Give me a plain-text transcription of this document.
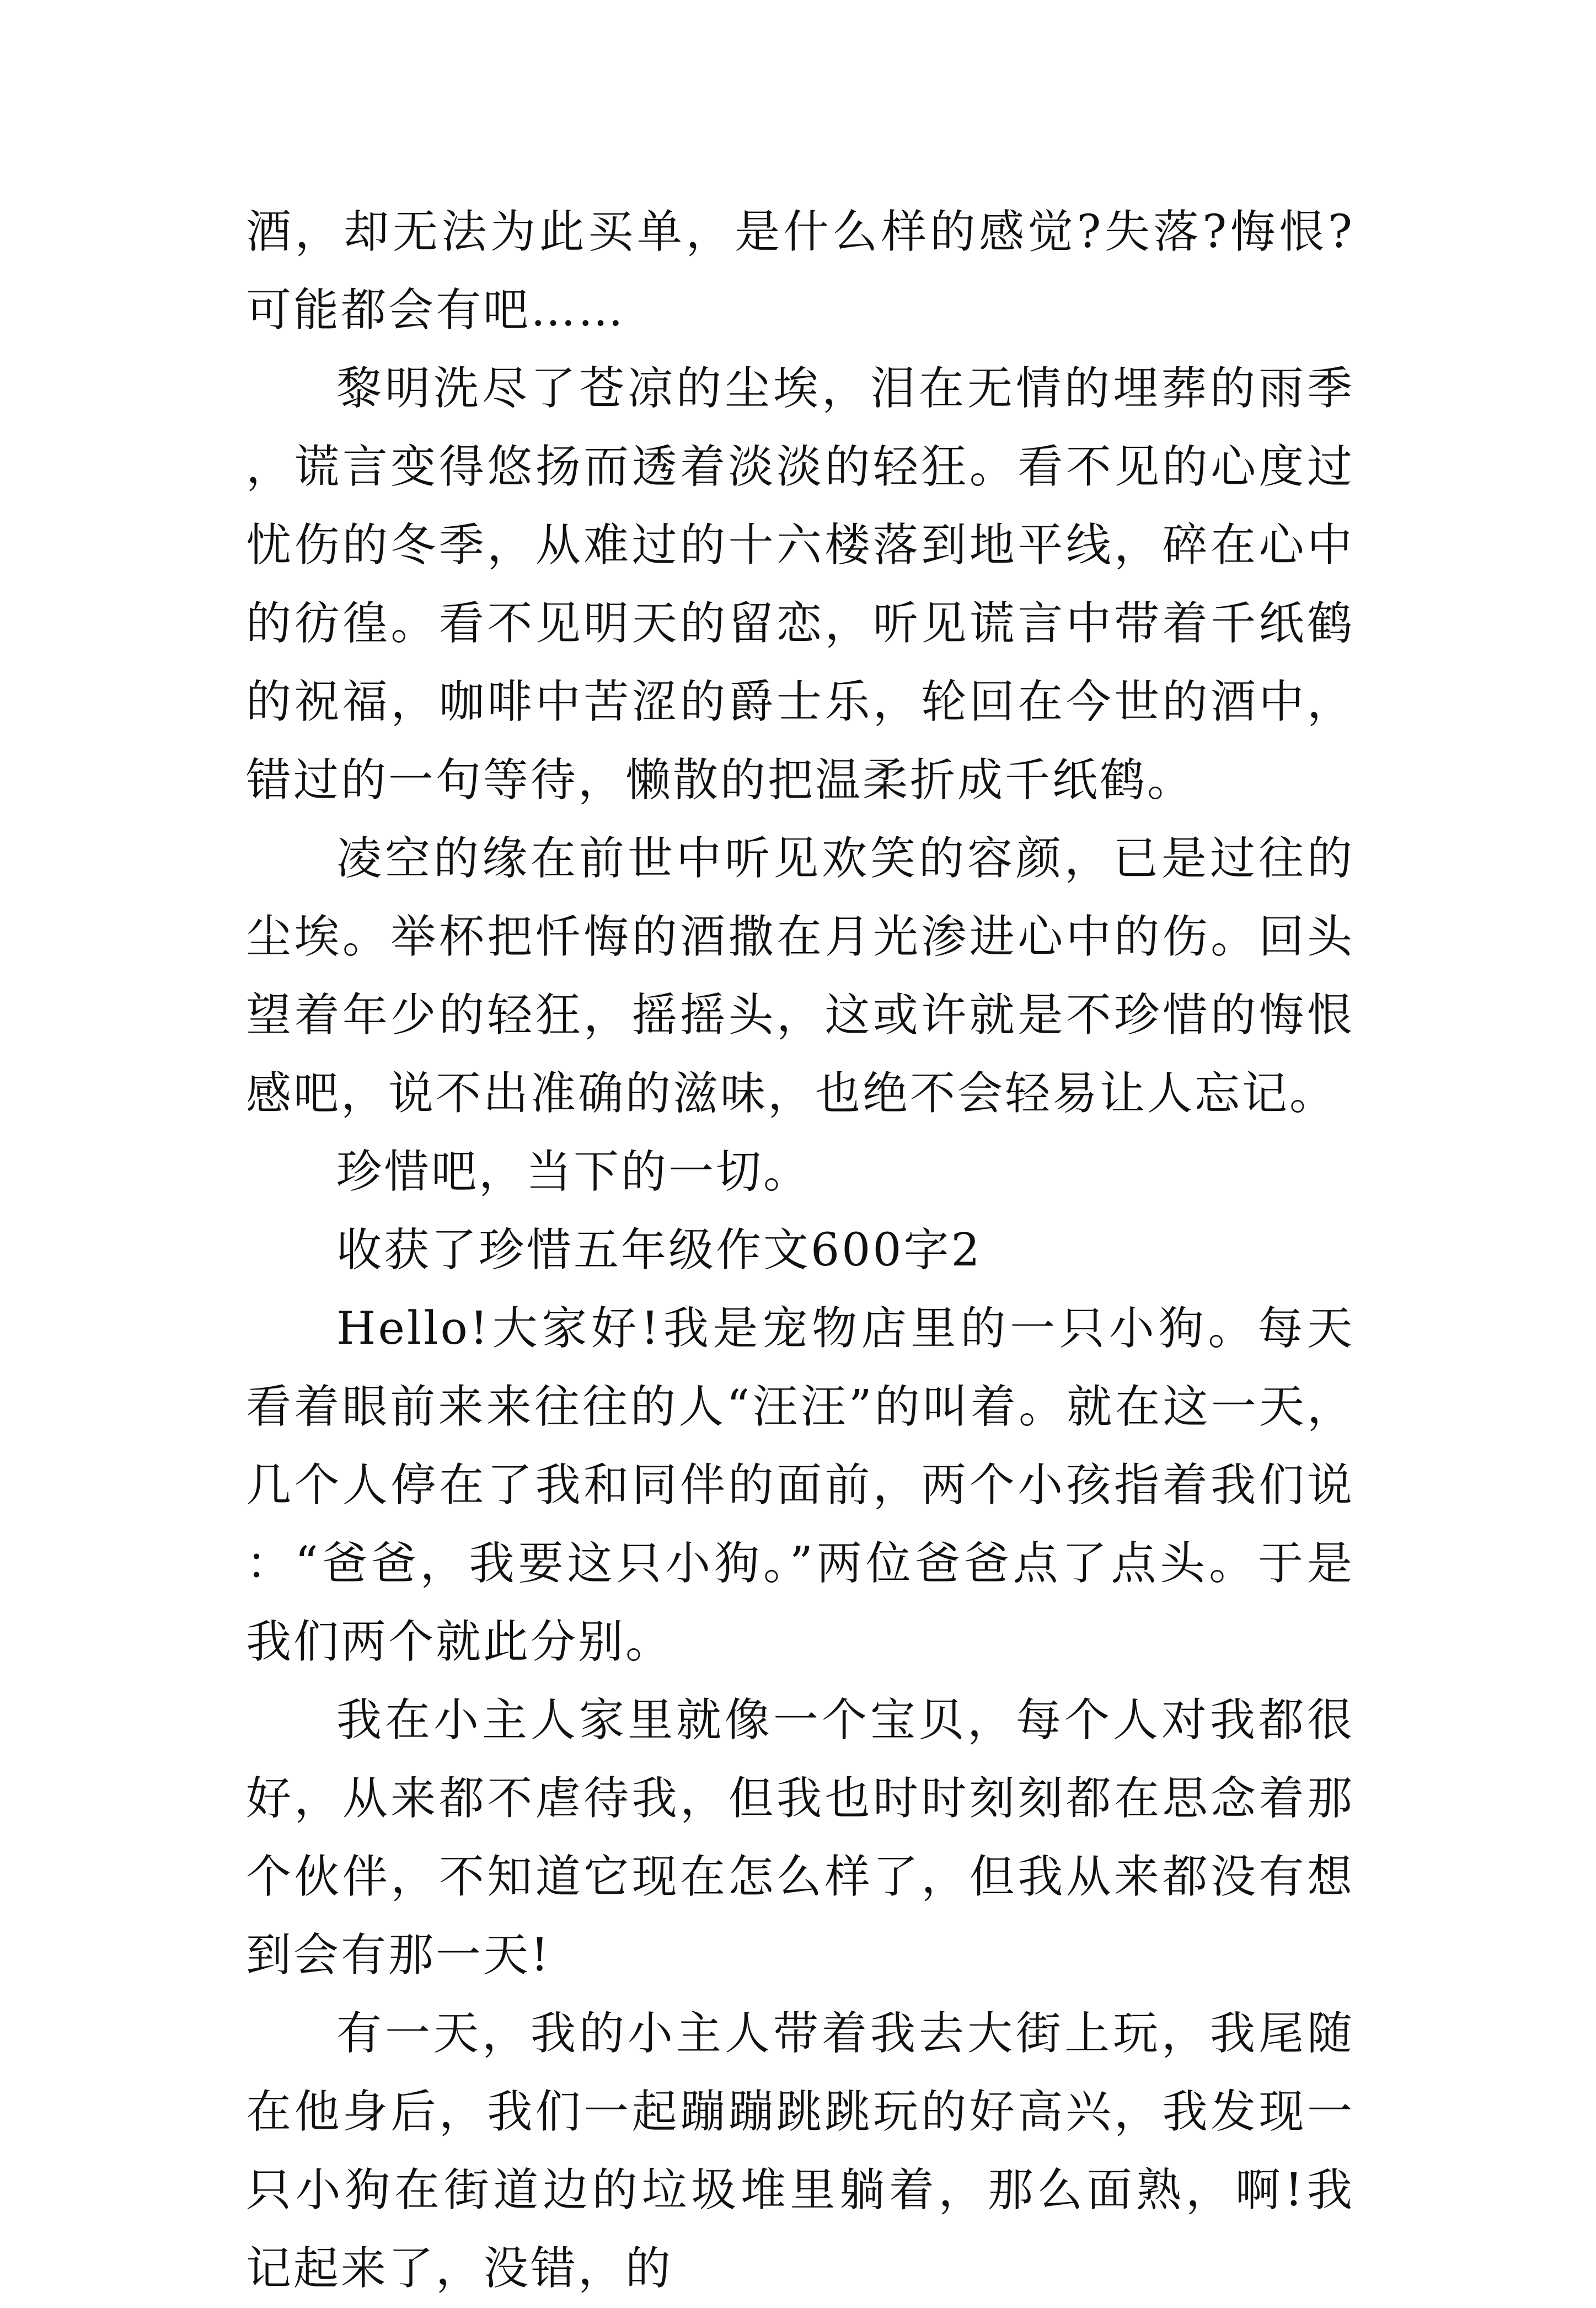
酒，却无法为此买单，是什么样的感觉?失落?悔恨?可能都会有吧……

黎明洗尽了苍凉的尘埃，泪在无情的埋葬的雨季，谎言变得悠扬而透着淡淡的轻狂。看不见的心度过忧伤的冬季，从难过的十六楼落到地平线，碎在心中的彷徨。看不见明天的留恋，听见谎言中带着千纸鹤的祝福，咖啡中苦涩的爵士乐，轮回在今世的酒中，错过的一句等待，懒散的把温柔折成千纸鹤。

凌空的缘在前世中听见欢笑的容颜，已是过往的尘埃。举杯把忏悔的酒撒在月光渗进心中的伤。回头望着年少的轻狂，摇摇头，这或许就是不珍惜的悔恨感吧，说不出准确的滋味，也绝不会轻易让人忘记。

珍惜吧，当下的一切。

收获了珍惜五年级作文600字2

Hello!大家好!我是宠物店里的一只小狗。每天看着眼前来来往往的人“汪汪”的叫着。就在这一天，几个人停在了我和同伴的面前，两个小孩指着我们说：“爸爸，我要这只小狗。”两位爸爸点了点头。于是我们两个就此分别。

我在小主人家里就像一个宝贝，每个人对我都很好，从来都不虐待我，但我也时时刻刻都在思念着那个伙伴，不知道它现在怎么样了，但我从来都没有想到会有那一天!

有一天，我的小主人带着我去大街上玩，我尾随在他身后，我们一起蹦蹦跳跳玩的好高兴，我发现一只小狗在街道边的垃圾堆里躺着，那么面熟，啊!我记起来了，没错，的
